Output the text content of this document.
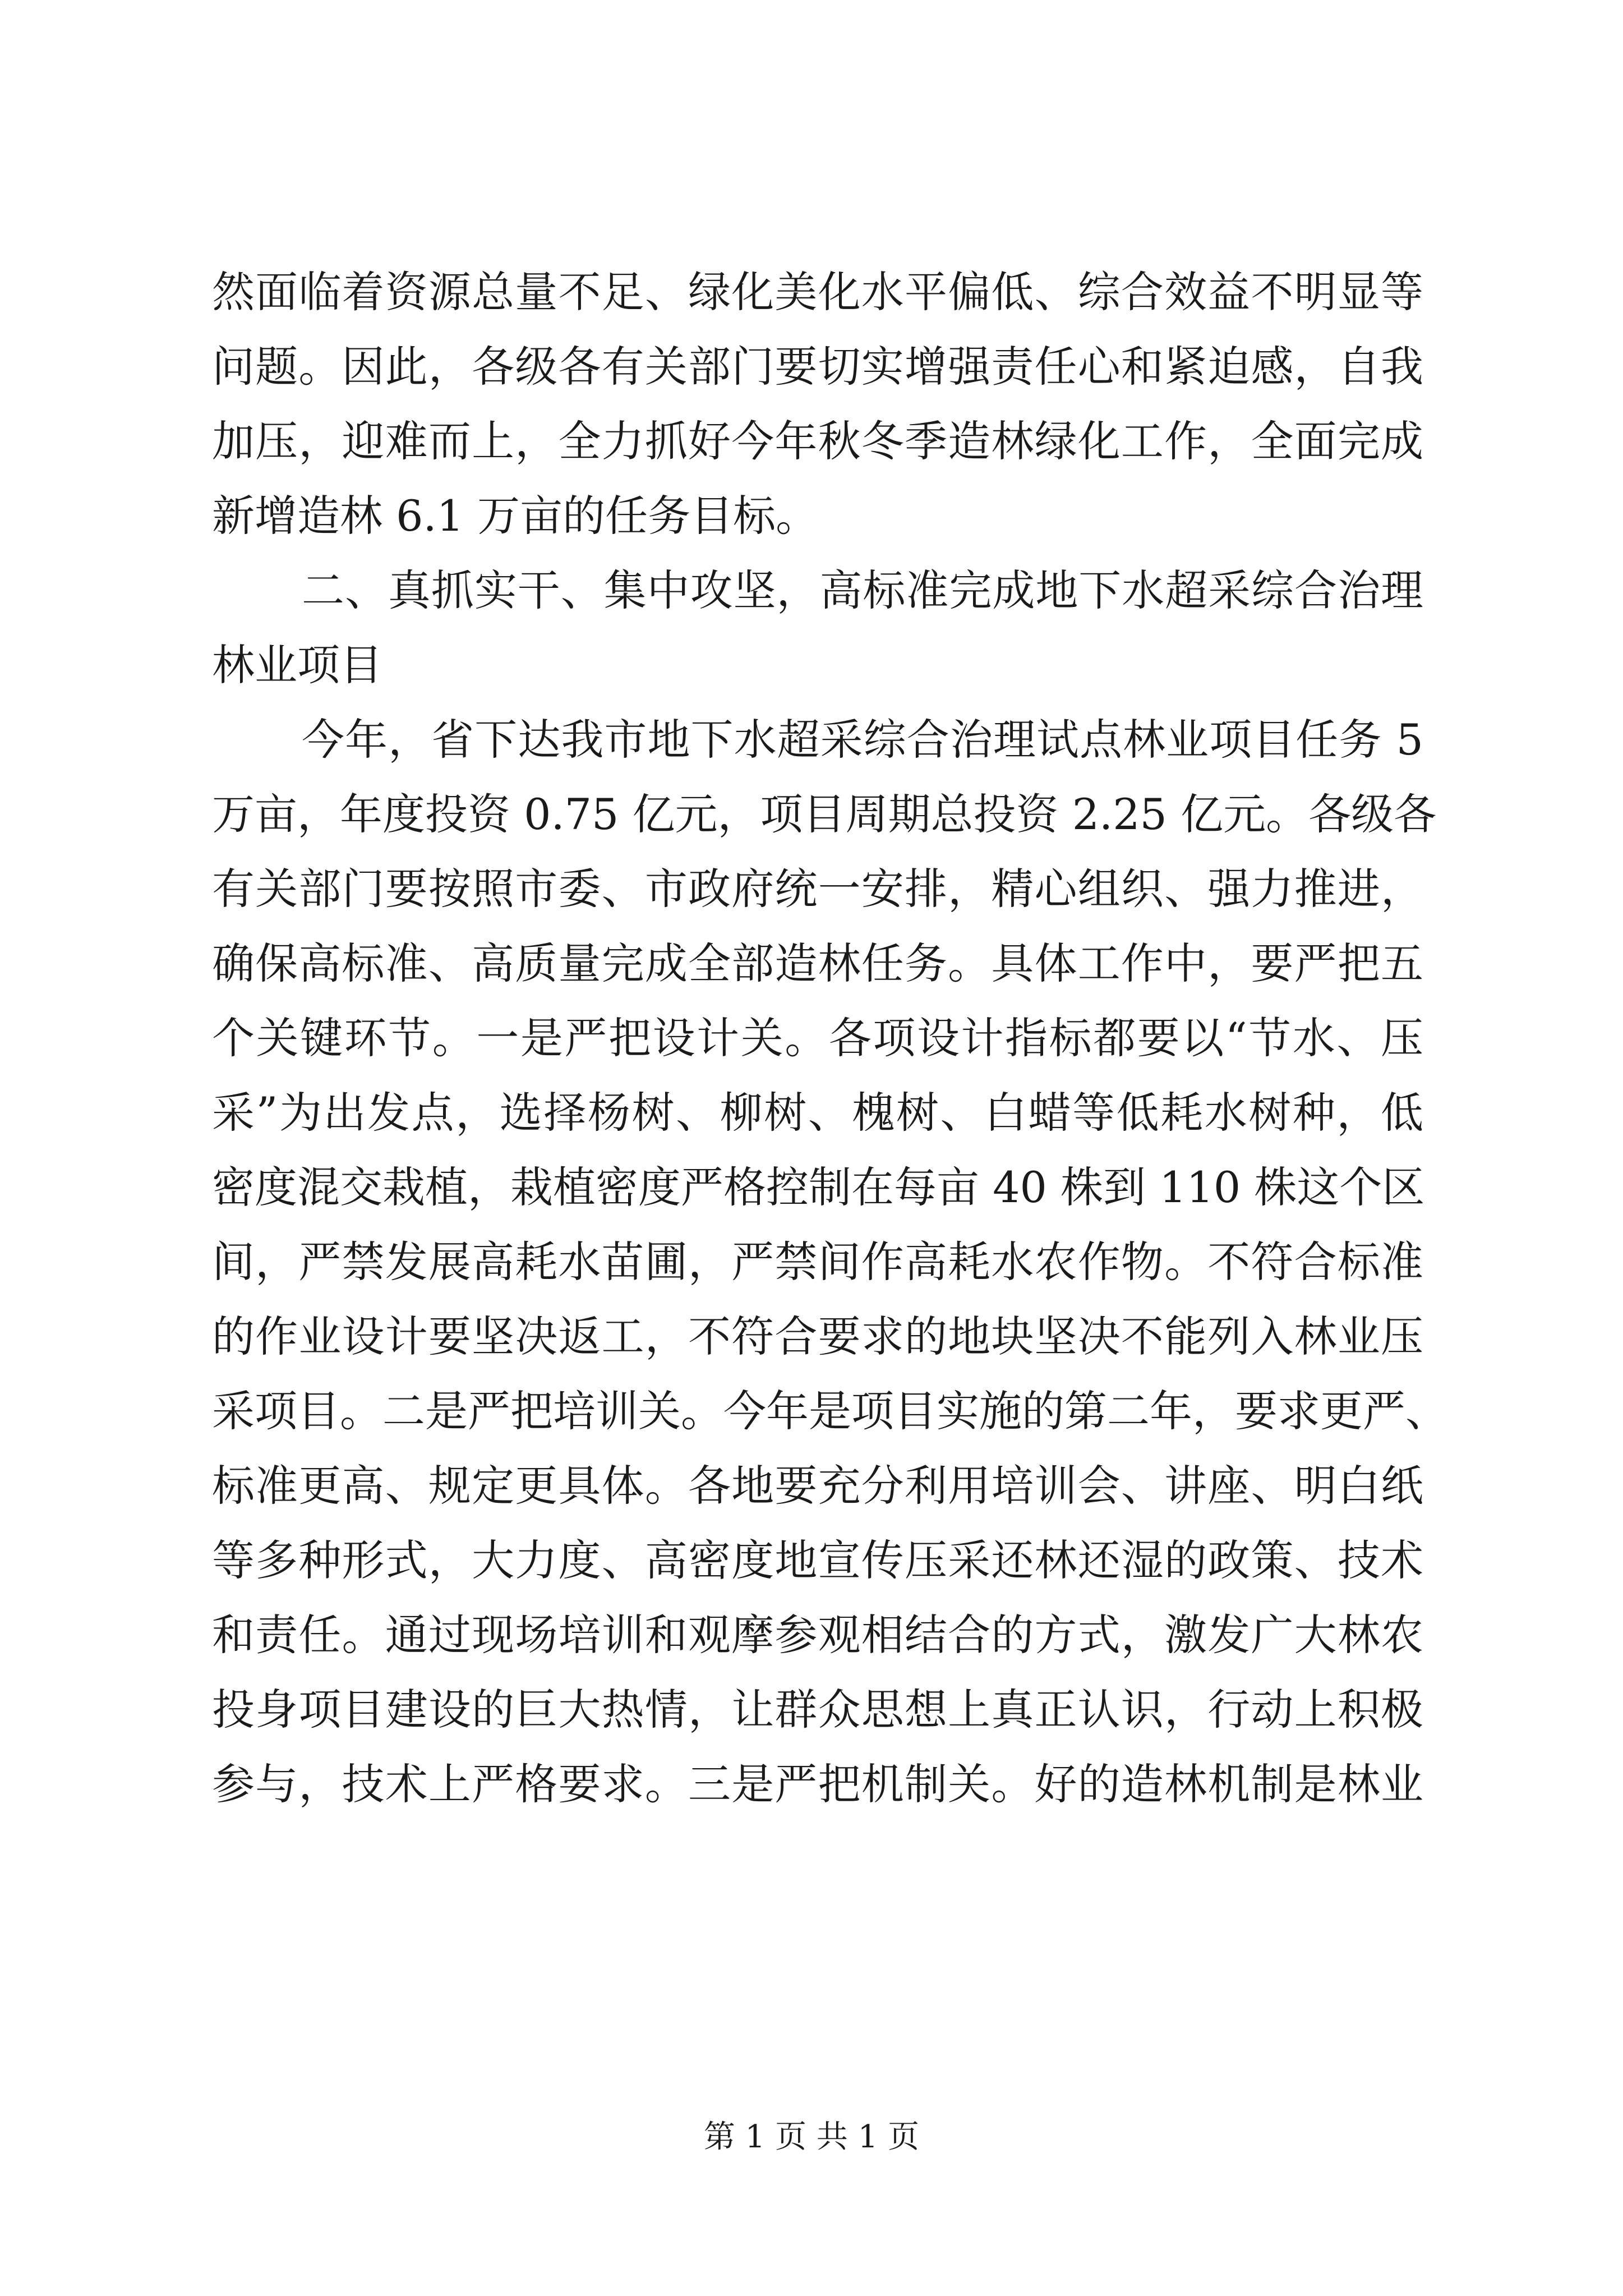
然面临着资源总量不足、绿化美化水平偏低、综合效益不明显等
问题。因此，各级各有关部门要切实增强责任心和紧迫感，自我
加压，迎难而上，全力抓好今年秋冬季造林绿化工作，全面完成
新增造林 6.1 万亩的任务目标。
二、真抓实干、集中攻坚，高标准完成地下水超采综合治理
林业项目
今年，省下达我市地下水超采综合治理试点林业项目任务 5
万亩，年度投资 0.75 亿元，项目周期总投资 2.25 亿元。各级各
有关部门要按照市委、市政府统一安排，精心组织、强力推进，
确保高标准、高质量完成全部造林任务。具体工作中，要严把五
个关键环节。一是严把设计关。各项设计指标都要以“节水、压
采”为出发点，选择杨树、柳树、槐树、白蜡等低耗水树种，低
密度混交栽植，栽植密度严格控制在每亩 40 株到 110 株这个区
间，严禁发展高耗水苗圃，严禁间作高耗水农作物。不符合标准
的作业设计要坚决返工，不符合要求的地块坚决不能列入林业压
采项目。二是严把培训关。今年是项目实施的第二年，要求更严、
标准更高、规定更具体。各地要充分利用培训会、讲座、明白纸
等多种形式，大力度、高密度地宣传压采还林还湿的政策、技术
和责任。通过现场培训和观摩参观相结合的方式，激发广大林农
投身项目建设的巨大热情，让群众思想上真正认识，行动上积极
参与，技术上严格要求。三是严把机制关。好的造林机制是林业
第 1 页 共 1 页
